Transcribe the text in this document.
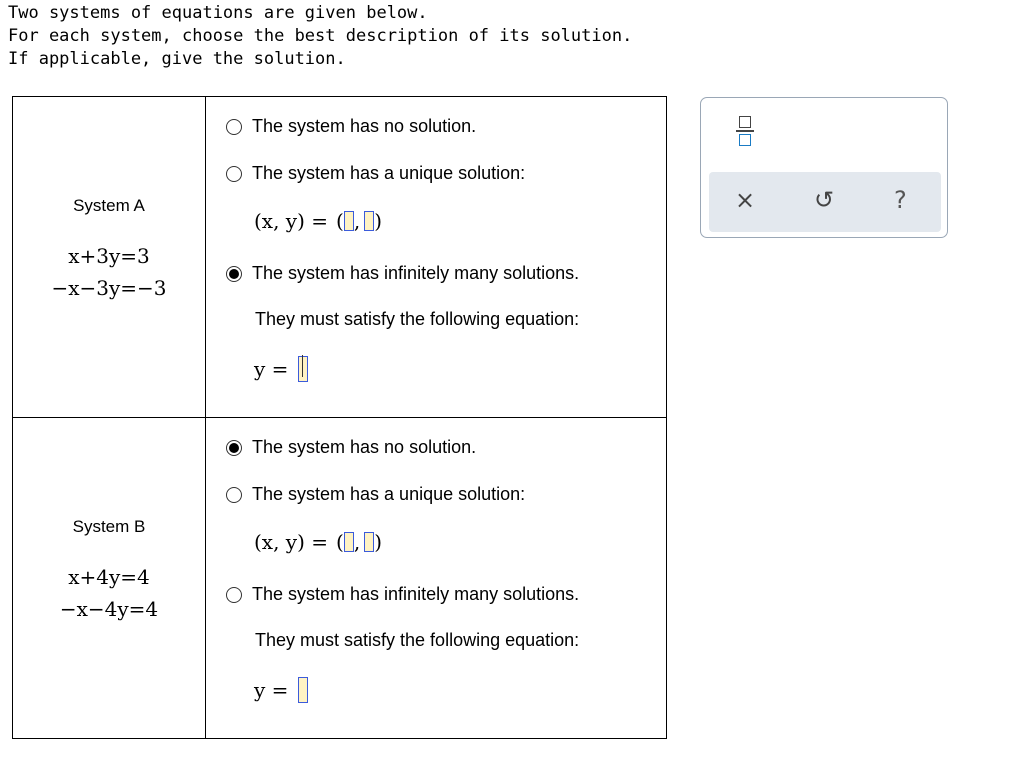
Two systems of equations are given below.
For each system, choose the best description of its solution.
If applicable, give the solution.
System A
x+3y=3
−x−3y=−3
The system has no solution.
The system has a unique solution:
(x, y) = ( , )
The system has infinitely many solutions.
They must satisfy the following equation:
y =
System B
x+4y=4
−x−4y=4
The system has no solution.
The system has a unique solution:
(x, y) = ( , )
The system has infinitely many solutions.
They must satisfy the following equation:
y =
× ↺ ?
